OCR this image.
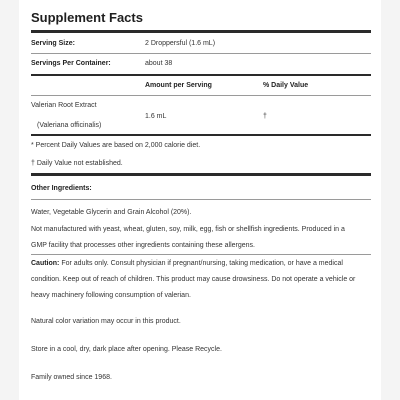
Supplement Facts
Serving Size:	2 Droppersful (1.6 mL)
Servings Per Container:	about 38
Amount per Serving	% Daily Value
Valerian Root Extract
1.6 mL	†
(Valeriana officinalis)
* Percent Daily Values are based on 2,000 calorie diet.
† Daily Value not established.
Other Ingredients:
Water, Vegetable Glycerin and Grain Alcohol (20%).
Not manufactured with yeast, wheat, gluten, soy, milk, egg, fish or shellfish ingredients. Produced in a GMP facility that processes other ingredients containing these allergens.
Caution: For adults only. Consult physician if pregnant/nursing, taking medication, or have a medical condition. Keep out of reach of children. This product may cause drowsiness. Do not operate a vehicle or heavy machinery following consumption of valerian.
Natural color variation may occur in this product.
Store in a cool, dry, dark place after opening. Please Recycle.
Family owned since 1968.
